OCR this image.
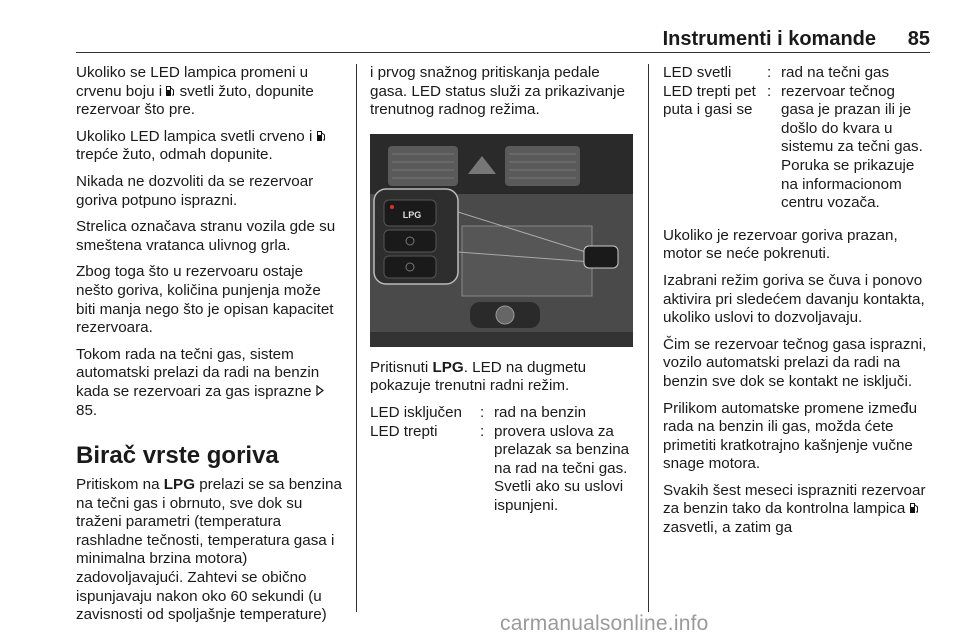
Instrumenti i komande 85

Ukoliko se LED lampica promeni u crvenu boju i  svetli žuto, dopunite rezervoar što pre.

Ukoliko LED lampica svetli crveno i  trepće žuto, odmah dopunite.

Nikada ne dozvoliti da se rezervoar goriva potpuno isprazni.

Strelica označava stranu vozila gde su smeštena vratanca ulivnog grla.

Zbog toga što u rezervoaru ostaje nešto goriva, količina punjenja može biti manja nego što je opisan kapacitet rezervoara.

Tokom rada na tečni gas, sistem automatski prelazi da radi na benzin kada se rezervoari za gas isprazne  85.

Birač vrste goriva

Pritiskom na LPG prelazi se sa benzina na tečni gas i obrnuto, sve dok su traženi parametri (temperatura rashladne tečnosti, temperatura gasa i minimalna brzina motora) zadovoljavajući. Zahtevi se obično ispunjavaju nakon oko 60 sekundi (u zavisnosti od spoljašnje temperature)

i prvog snažnog pritiskanja pedale gasa. LED status služi za prikazivanje trenutnog radnog režima.

LPG

Pritisnuti LPG. LED na dugmetu pokazuje trenutni radni režim.

LED isključen	:	rad na benzin
LED trepti	:	provera uslova za prelazak sa benzina na rad na tečni gas. Svetli ako su uslovi ispunjeni.
LED svetli	:	rad na tečni gas
LED trepti pet puta i gasi se	:	rezervoar tečnog gasa je prazan ili je došlo do kvara u sistemu za tečni gas. Poruka se prikazuje na informacionom centru vozača.

Ukoliko je rezervoar goriva prazan, motor se neće pokrenuti.

Izabrani režim goriva se čuva i ponovo aktivira pri sledećem davanju kontakta, ukoliko uslovi to dozvoljavaju.

Čim se rezervoar tečnog gasa isprazni, vozilo automatski prelazi da radi na benzin sve dok se kontakt ne isključi.

Prilikom automatske promene između rada na benzin ili gas, možda ćete primetiti kratkotrajno kašnjenje vučne snage motora.

Svakih šest meseci isprazniti rezervoar za benzin tako da kontrolna lampica  zasvetli, a zatim ga

carmanualsonline.info
